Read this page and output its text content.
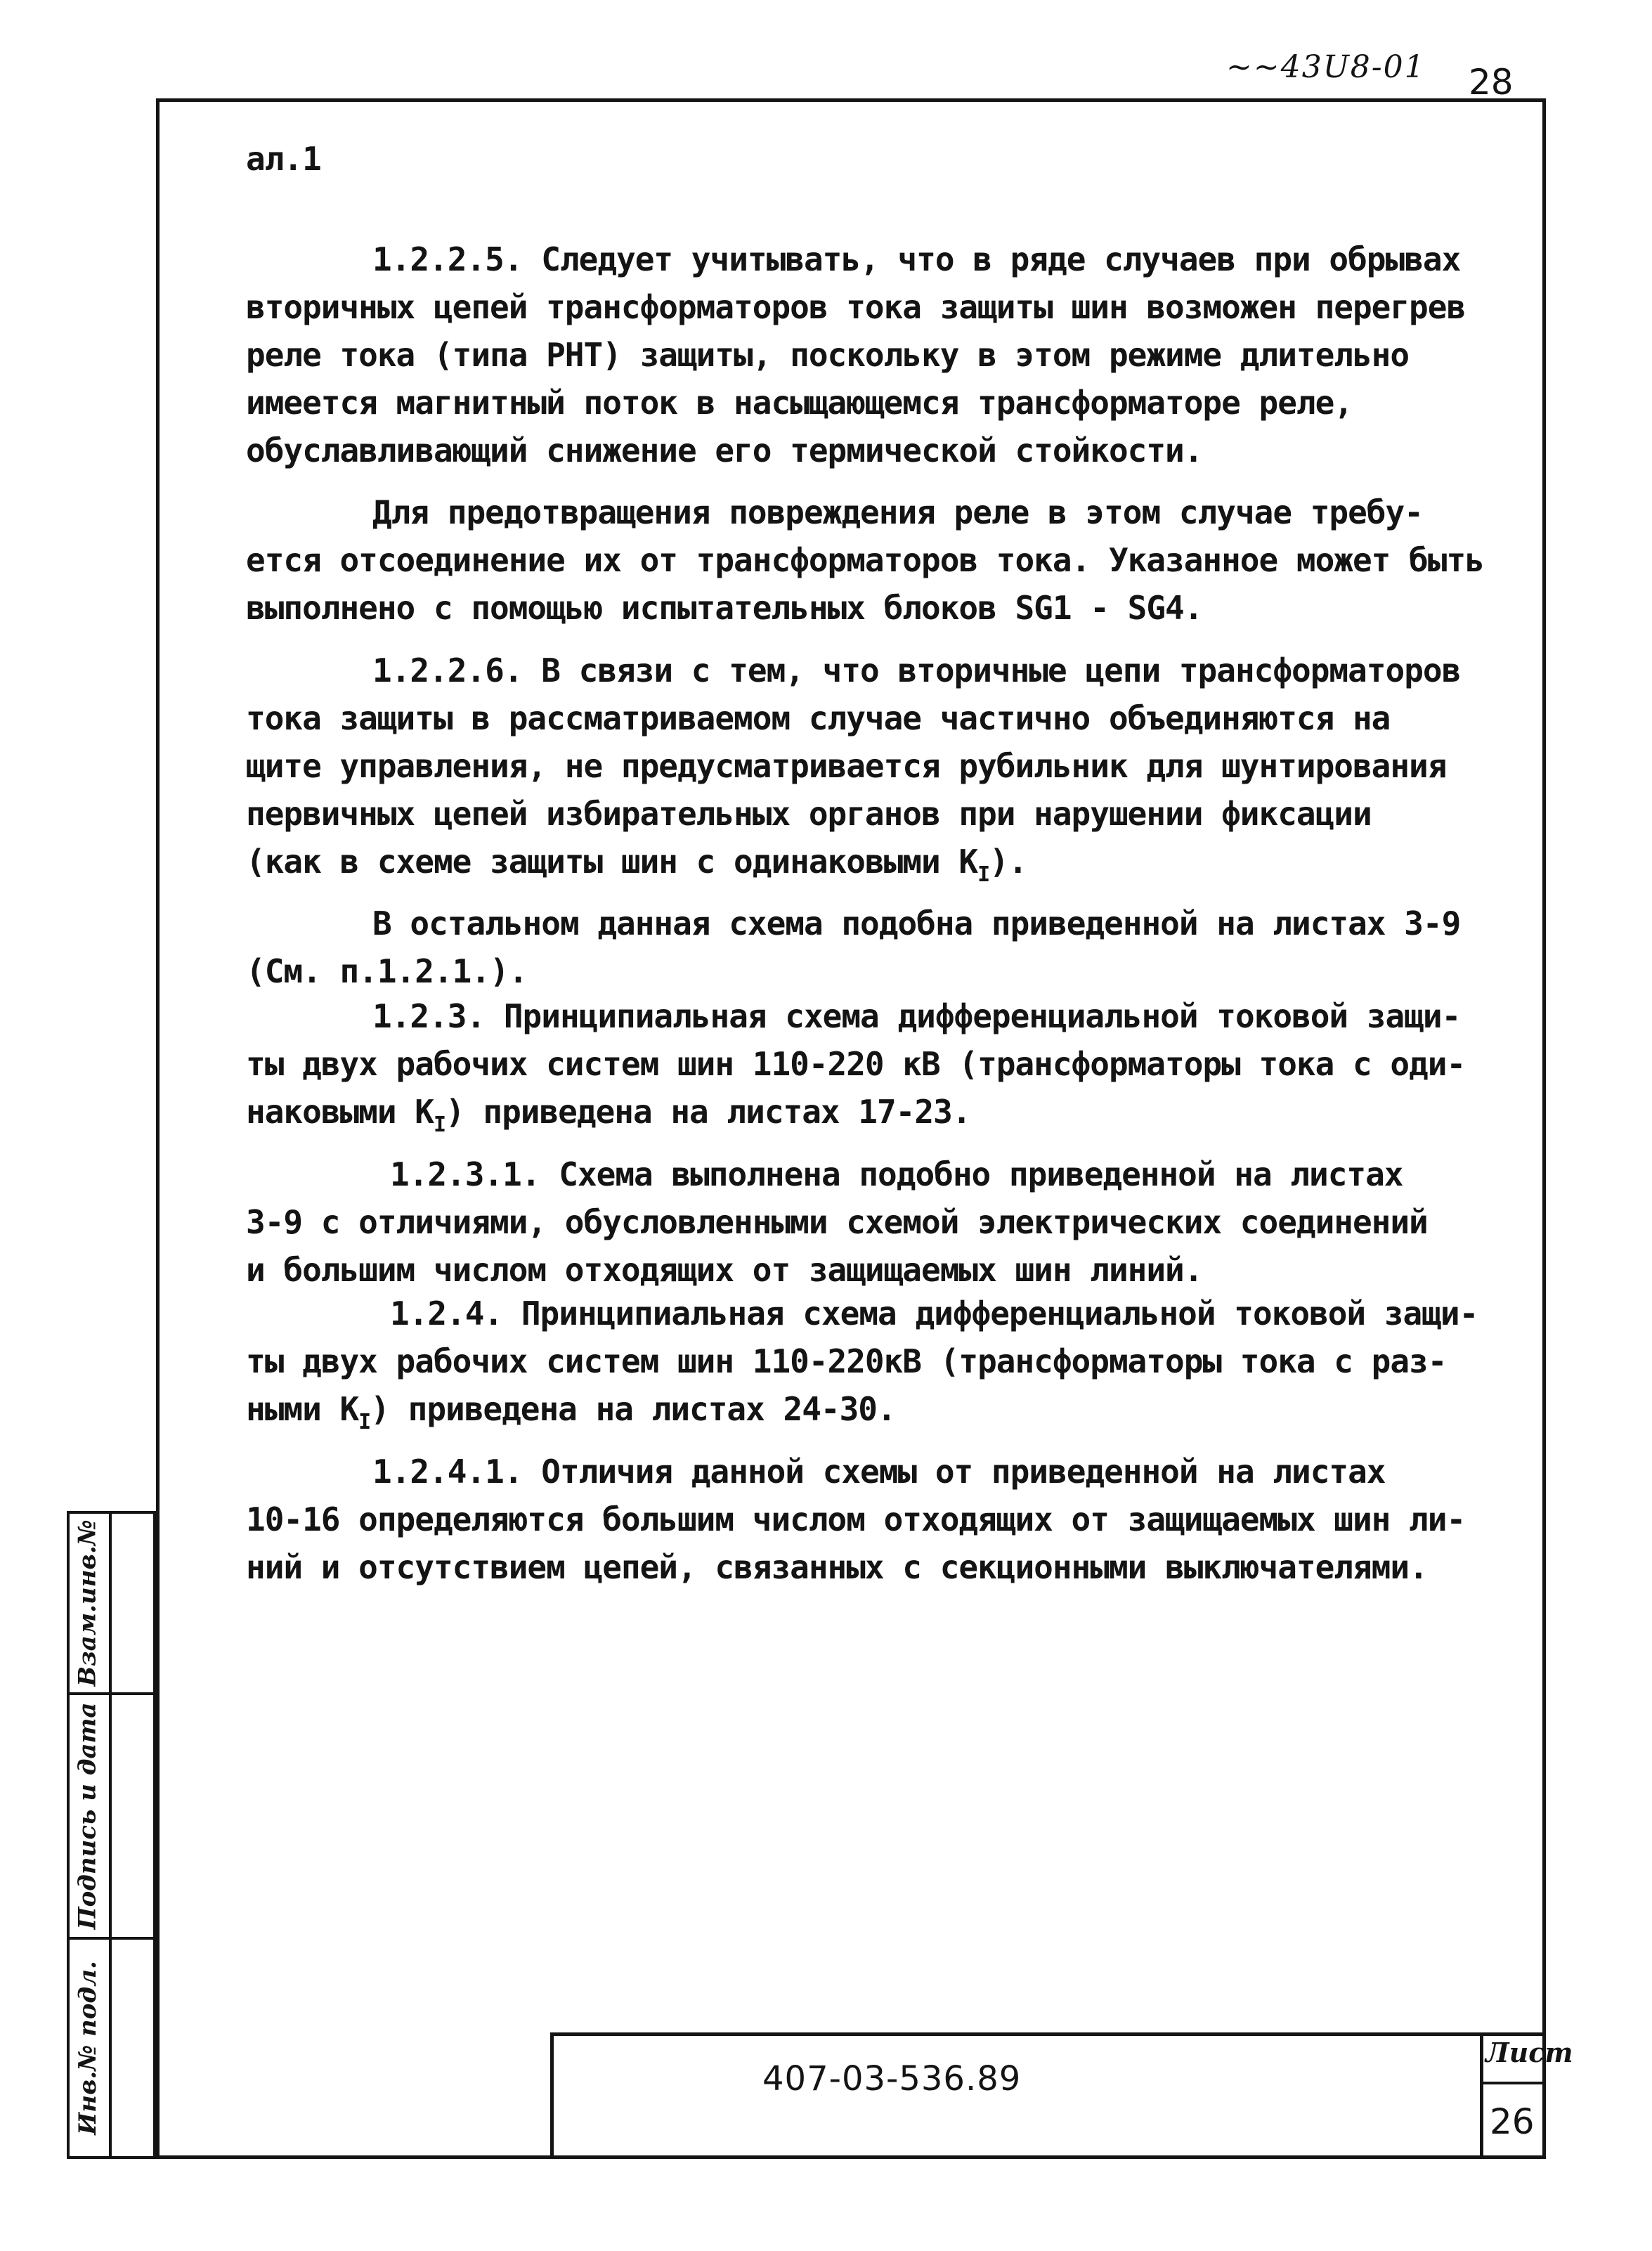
~~43U8-01 28

ал.1

1.2.2.5. Следует учитывать, что в ряде случаев при обрывах

вторичных цепей трансформаторов тока защиты шин возможен перегрев

реле тока (типа РНТ) защиты, поскольку в этом режиме длительно

имеется магнитный поток в насыщающемся трансформаторе реле,

обуславливающий снижение его термической стойкости.

Для предотвращения повреждения реле в этом случае требу-

ется отсоединение их от трансформаторов тока. Указанное может быть

выполнено с помощью испытательных блоков SG1 - SG4.

1.2.2.6. В связи с тем, что вторичные цепи трансформаторов

тока защиты в рассматриваемом случае частично объединяются на

щите управления, не предусматривается рубильник для шунтирования

первичных цепей избирательных органов при нарушении фиксации

(как в схеме защиты шин с одинаковыми $К_I$).

В остальном данная схема подобна приведенной на листах 3-9

(См. п.1.2.1.).

1.2.3. Принципиальная схема дифференциальной токовой защи-

ты двух рабочих систем шин 110-220 кВ (трансформаторы тока с оди-

наковыми $К_I$) приведена на листах 17-23.

1.2.3.1. Схема выполнена подобно приведенной на листах

3-9 с отличиями, обусловленными схемой электрических соединений

и большим числом отходящих от защищаемых шин линий.

1.2.4. Принципиальная схема дифференциальной токовой защи-

ты двух рабочих систем шин 110-220кВ (трансформаторы тока с раз-

ными $К_I$) приведена на листах 24-30.

1.2.4.1. Отличия данной схемы от приведенной на листах

10-16 определяются большим числом отходящих от защищаемых шин ли-

ний и отсутствием цепей, связанных с секционными выключателями.

Взам.инв.№
Подпись и дата
Инв.№ подл.	407-03-536.89
Лист
26
